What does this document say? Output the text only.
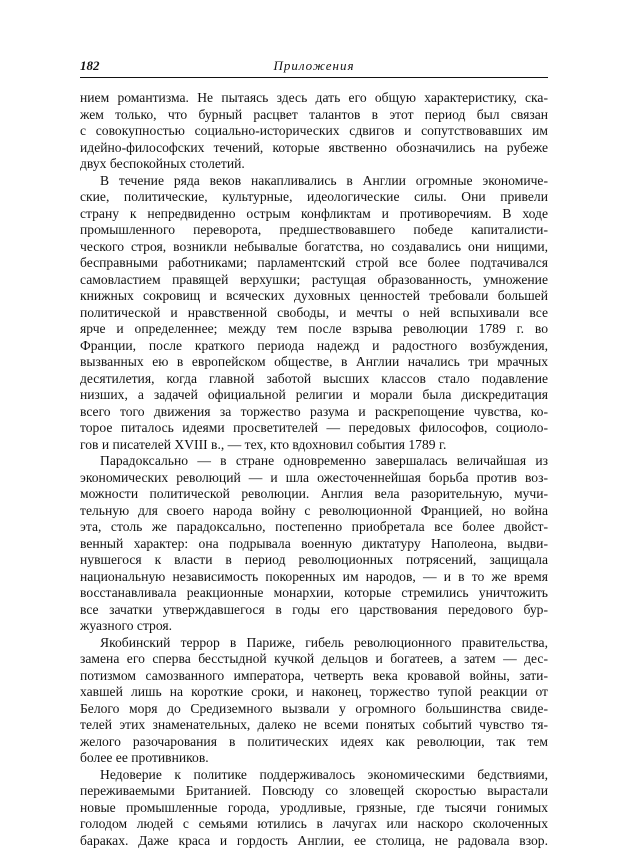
182	Приложения
нием романтизма. Не пытаясь здесь дать его общую характеристику, ска-
жем только, что бурный расцвет талантов в этот период был связан
с совокупностью социально-исторических сдвигов и сопутствовавших им
идейно-философских течений, которые явственно обозначились на рубеже
двух беспокойных столетий.
В течение ряда веков накапливались в Англии огромные экономиче-
ские, политические, культурные, идеологические силы. Они привели
страну к непредвиденно острым конфликтам и противоречиям. В ходе
промышленного переворота, предшествовавшего победе капиталисти-
ческого строя, возникли небывалые богатства, но создавались они нищими,
бесправными работниками; парламентский строй все более подтачивался
самовластием правящей верхушки; растущая образованность, умножение
книжных сокровищ и всяческих духовных ценностей требовали большей
политической и нравственной свободы, и мечты о ней вспыхивали все
ярче и определеннее; между тем после взрыва революции 1789 г. во
Франции, после краткого периода надежд и радостного возбуждения,
вызванных ею в европейском обществе, в Англии начались три мрачных
десятилетия, когда главной заботой высших классов стало подавление
низших, а задачей официальной религии и морали была дискредитация
всего того движения за торжество разума и раскрепощение чувства, ко-
торое питалось идеями просветителей — передовых философов, социоло-
гов и писателей XVIII в., — тех, кто вдохновил события 1789 г.
Парадоксально — в стране одновременно завершалась величайшая из
экономических революций — и шла ожесточеннейшая борьба против воз-
можности политической революции. Англия вела разорительную, мучи-
тельную для своего народа войну с революционной Францией, но война
эта, столь же парадоксально, постепенно приобретала все более двойст-
венный характер: она подрывала военную диктатуру Наполеона, выдви-
нувшегося к власти в период революционных потрясений, защищала
национальную независимость покоренных им народов, — и в то же время
восстанавливала реакционные монархии, которые стремились уничтожить
все зачатки утверждавшегося в годы его царствования передового бур-
жуазного строя.
Якобинский террор в Париже, гибель революционного правительства,
замена его сперва бесстыдной кучкой дельцов и богатеев, а затем — дес-
потизмом самозванного императора, четверть века кровавой войны, зати-
хавшей лишь на короткие сроки, и наконец, торжество тупой реакции от
Белого моря до Средиземного вызвали у огромного большинства свиде-
телей этих знаменательных, далеко не всеми понятых событий чувство тя-
желого разочарования в политических идеях как революции, так тем
более ее противников.
Недоверие к политике поддерживалось экономическими бедствиями,
переживаемыми Британией. Повсюду со зловещей скоростью вырастали
новые промышленные города, уродливые, грязные, где тысячи гонимых
голодом людей с семьями ютились в лачугах или наскоро сколоченных
бараках. Даже краса и гордость Англии, ее столица, не радовала взор.
